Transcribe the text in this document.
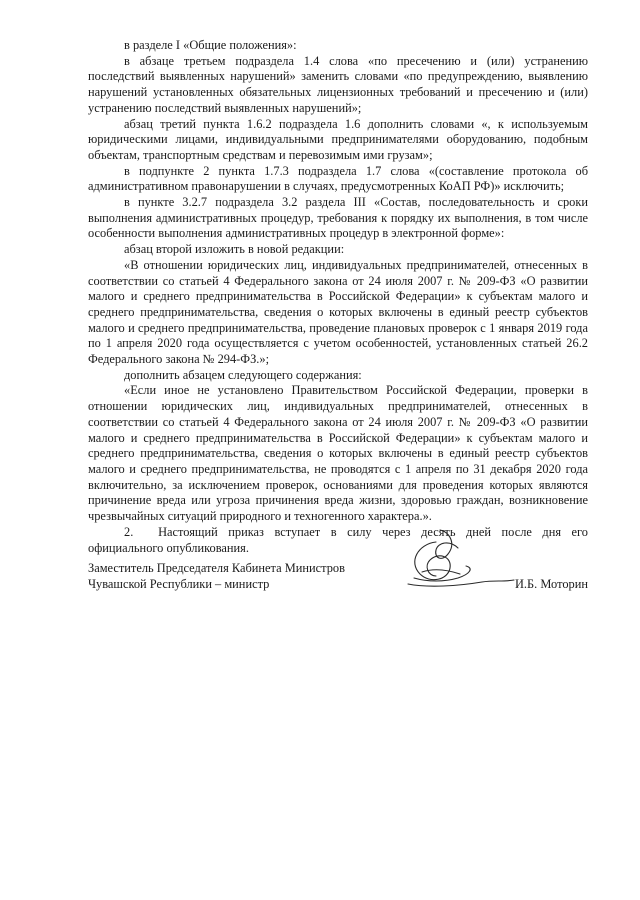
в разделе I «Общие положения»:

в абзаце третьем подраздела 1.4 слова «по пресечению и (или) устранению последствий выявленных нарушений» заменить словами «по предупреждению, выявлению нарушений установленных обязательных лицензионных требований и пресечению и (или) устранению последствий выявленных нарушений»;

абзац третий пункта 1.6.2 подраздела 1.6 дополнить словами «, к используемым юридическими лицами, индивидуальными предпринимателями оборудованию, подобным объектам, транспортным средствам и перевозимым ими грузам»;

в подпункте 2 пункта 1.7.3 подраздела 1.7 слова «(составление протокола об административном правонарушении в случаях, предусмотренных КоАП РФ)» исключить;

в пункте 3.2.7 подраздела 3.2 раздела III «Состав, последовательность и сроки выполнения административных процедур, требования к порядку их выполнения, в том числе особенности выполнения административных процедур в электронной форме»:

абзац второй изложить в новой редакции:

«В отношении юридических лиц, индивидуальных предпринимателей, отнесенных в соответствии со статьей 4 Федерального закона от 24 июля 2007 г. № 209-ФЗ «О развитии малого и среднего предпринимательства в Российской Федерации» к субъектам малого и среднего предпринимательства, сведения о которых включены в единый реестр субъектов малого и среднего предпринимательства, проведение плановых проверок с 1 января 2019 года по 1 апреля 2020 года осуществляется с учетом особенностей, установленных статьей 26.2 Федерального закона № 294-ФЗ.»;

дополнить абзацем следующего содержания:

«Если иное не установлено Правительством Российской Федерации, проверки в отношении юридических лиц, индивидуальных предпринимателей, отнесенных в соответствии со статьей 4 Федерального закона от 24 июля 2007 г. № 209-ФЗ «О развитии малого и среднего предпринимательства в Российской Федерации» к субъектам малого и среднего предпринимательства, сведения о которых включены в единый реестр субъектов малого и среднего предпринимательства, не проводятся с 1 апреля по 31 декабря 2020 года включительно, за исключением проверок, основаниями для проведения которых являются причинение вреда или угроза причинения вреда жизни, здоровью граждан, возникновение чрезвычайных ситуаций природного и техногенного характера.».

2.  Настоящий приказ вступает в силу через десять дней после дня его официального опубликования.

Заместитель Председателя Кабинета Министров
Чувашской Республики – министр	И.Б. Моторин
